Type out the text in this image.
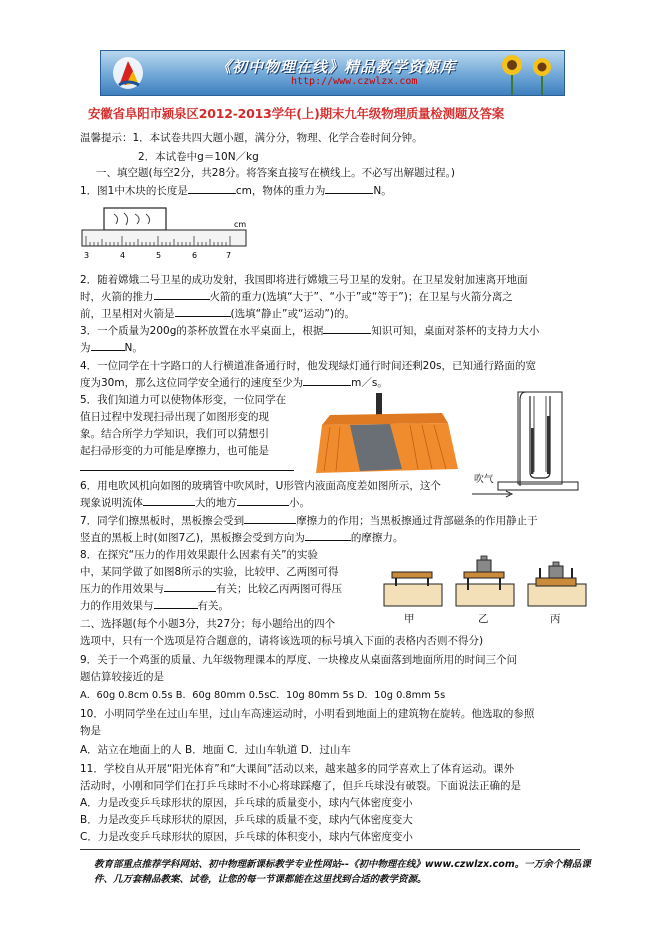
《初中物理在线》精品教学资源库
http://www.czwlzx.com
安徽省阜阳市颍泉区2012-2013学年(上)期末九年级物理质量检测题及答案
温馨提示：1．本试卷共四大题小题，满分分，物理、化学合卷时间分钟。
2．本试卷中g＝10N／kg
一、填空题(每空2分，共28分。将答案直接写在横线上。不必写出解题过程。)
1．图1中木块的长度是	cm，物体的重力为	N。
3	4	5	6	7
cm
2．随着嫦娥二号卫星的成功发射，我国即将进行嫦娥三号卫星的发射。在卫星发射加速离开地面
时，火箭的推力	火箭的重力(选填“大于”、“小于”或“等于”)；在卫星与火箭分离之
前，卫星相对火箭是	(选填“静止”或“运动”)的。
3．一个质量为200g的茶杯放置在水平桌面上，根据	知识可知，桌面对茶杯的支持力大小
为	N。
4．一位同学在十字路口的人行横道准备通行时，他发现绿灯通行时间还剩20s，已知通行路面的宽
度为30m，那么这位同学安全通行的速度至少为	m／s。
5．我们知道力可以使物体形变，一位同学在
值日过程中发现扫帚出现了如图形变的现
象。结合所学力学知识，我们可以猜想引
起扫帚形变的力可能是摩擦力，也可能是
吹气
6．用电吹风机向如图的玻璃管中吹风时，U形管内液面高度差如图所示，这个
现象说明流体	大的地方	小。
7．同学们擦黑板时，黑板擦会受到	摩擦力的作用；当黑板擦通过背部磁条的作用静止于
竖直的黑板上时(如图7乙)，黑板擦会受到方向为	的摩擦力。
8．在探究“压力的作用效果跟什么因素有关”的实验
中，某同学做了如图8所示的实验，比较甲、乙两图可得
压力的作用效果与	有关；比较乙丙两图可得压
力的作用效果与	有关。
甲	乙	丙
二、选择题(每个小题3分，共27分；每小题给出的四个
选项中，只有一个选项是符合题意的，请将该选项的标号填入下面的表格内否则不得分)
9．关于一个鸡蛋的质量、九年级物理课本的厚度、一块橡皮从桌面落到地面所用的时间三个问
题估算较接近的是
A．60g 0.8cm 0.5s B．60g 80mm 0.5sC．10g 80mm 5s D．10g 0.8mm 5s
10．小明同学坐在过山车里，过山车高速运动时，小明看到地面上的建筑物在旋转。他选取的参照
物是
A．站立在地面上的人 B．地面 C．过山车轨道 D．过山车
11．学校自从开展“阳光体育”和“大课间”活动以来，越来越多的同学喜欢上了体育运动。课外
活动时，小刚和同学们在打乒乓球时不小心将球踩瘪了，但乒乓球没有破裂。下面说法正确的是
A．力是改变乒乓球形状的原因，乒乓球的质量变小，球内气体密度变小
B．力是改变乒乓球形状的原因，乒乓球的质量不变，球内气体密度变大
C．力是改变乒乓球形状的原因，乒乓球的体积变小，球内气体密度变小
教育部重点推荐学科网站、初中物理新课标教学专业性网站--《初中物理在线》www.czwlzx.com。一万余个精品课
件、几万套精品教案、试卷，让您的每一节课都能在这里找到合适的教学资源。
